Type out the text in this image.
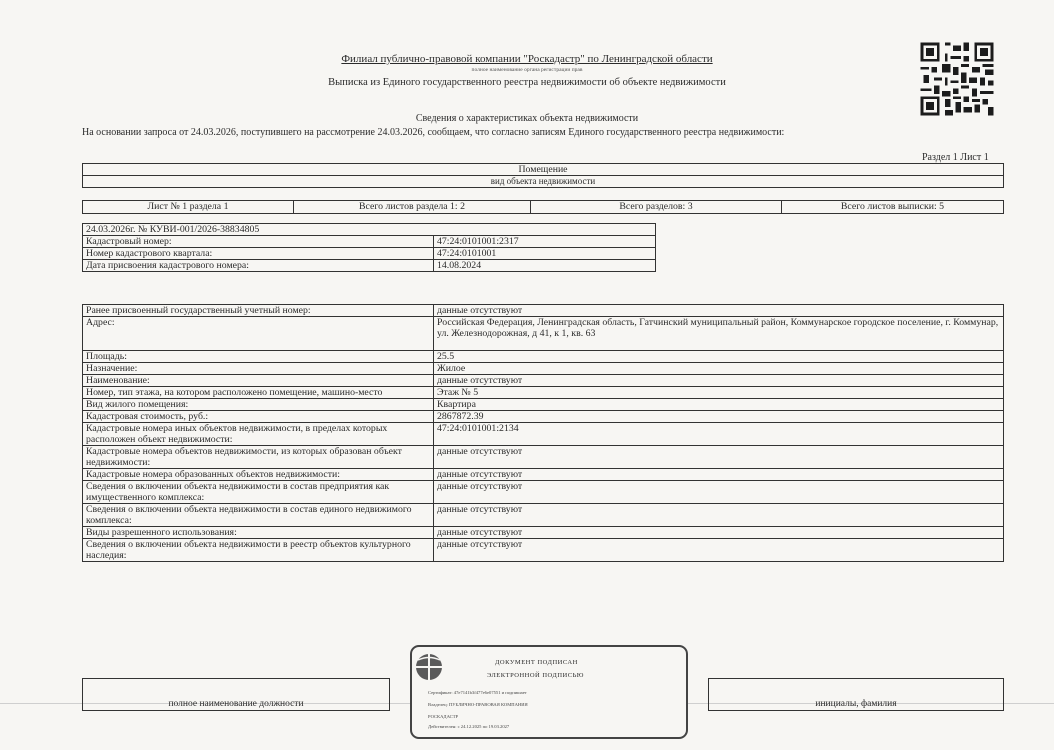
Филиал публично-правовой компании "Роскадастр" по Ленинградской области
полное наименование органа регистрации прав
Выписка из Единого государственного реестра недвижимости об объекте недвижимости
Сведения о характеристиках объекта недвижимости
На основании запроса от 24.03.2026, поступившего на рассмотрение 24.03.2026, сообщаем, что согласно записям Единого государственного реестра недвижимости:
Раздел 1 Лист 1
Помещение
вид объекта недвижимости
Лист № 1 раздела 1	Всего листов раздела 1: 2	Всего разделов: 3	Всего листов выписки: 5
24.03.2026г. № КУВИ-001/2026-38834805	
Кадастровый номер:	47:24:0101001:2317
Номер кадастрового квартала:	47:24:0101001
Дата присвоения кадастрового номера:	14.08.2024
Ранее присвоенный государственный учетный номер:	данные отсутствуют
Адрес:	Российская Федерация, Ленинградская область, Гатчинский муниципальный район, Коммунарское городское поселение, г. Коммунар, ул. Железнодорожная, д 41, к 1, кв. 63
Площадь:	25.5
Назначение:	Жилое
Наименование:	данные отсутствуют
Номер, тип этажа, на котором расположено помещение, машино-место	Этаж № 5
Вид жилого помещения:	Квартира
Кадастровая стоимость, руб.:	2867872.39
Кадастровые номера иных объектов недвижимости, в пределах которых расположен объект недвижимости:	47:24:0101001:2134
Кадастровые номера объектов недвижимости, из которых образован объект недвижимости:	данные отсутствуют
Кадастровые номера образованных объектов недвижимости:	данные отсутствуют
Сведения о включении объекта недвижимости в состав предприятия как имущественного комплекса:	данные отсутствуют
Сведения о включении объекта недвижимости в состав единого недвижимого комплекса:	данные отсутствуют
Виды разрешенного использования:	данные отсутствуют
Сведения о включении объекта недвижимости в реестр объектов культурного наследия:	данные отсутствуют
полное наименование должности		инициалы, фамилия
ДОКУМЕНТ ПОДПИСАН
ЭЛЕКТРОННОЙ ПОДПИСЬЮ
Сертификат: 47e7141b3f477e6e07551 и подпишает
Владелец: ПУБЛИЧНО-ПРАВОВАЯ КОМПАНИЯ
РОСКАДАСТР
Действителен: с 24.12.2025 по 19.03.2027
